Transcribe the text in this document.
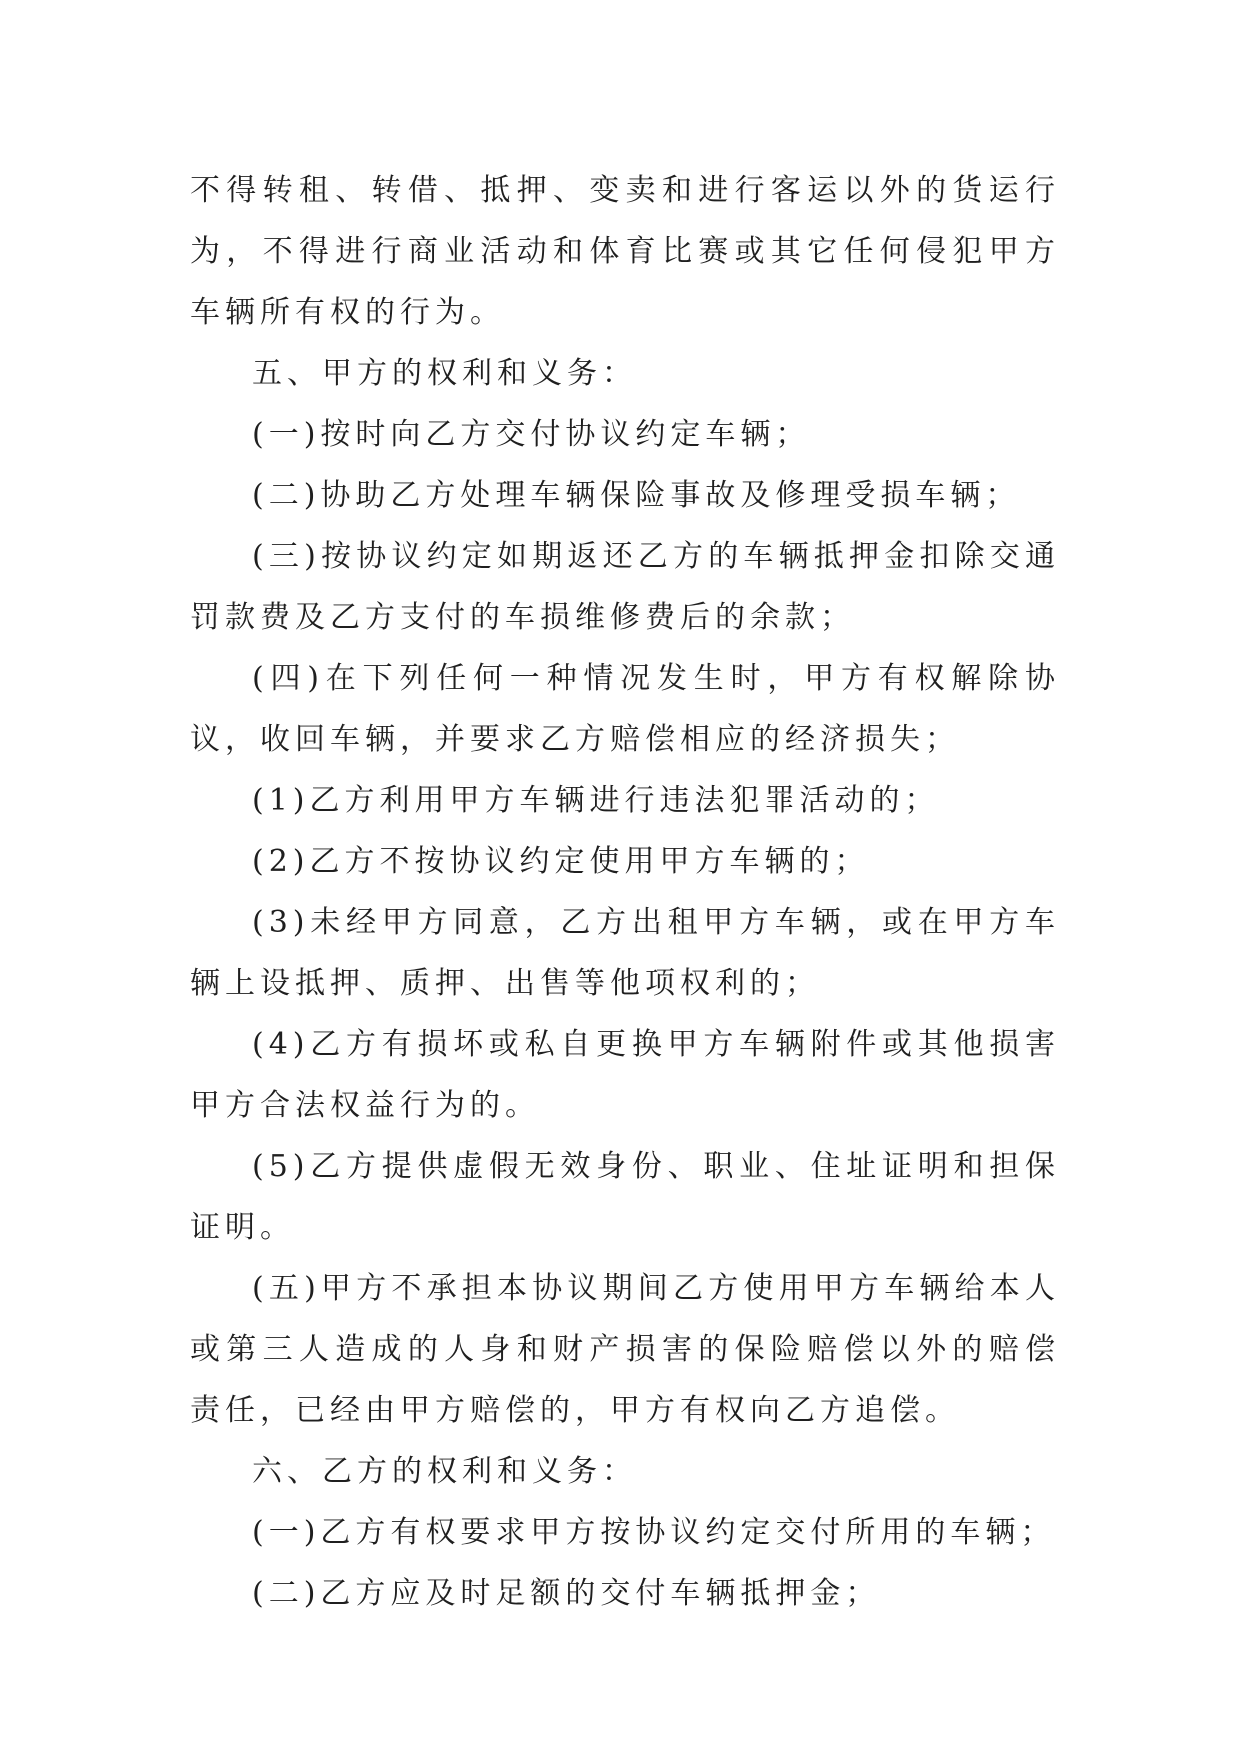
不得转租、转借、抵押、变卖和进行客运以外的货运行为，不得进行商业活动和体育比赛或其它任何侵犯甲方车辆所有权的行为。

五、甲方的权利和义务：

(一)按时向乙方交付协议约定车辆；

(二)协助乙方处理车辆保险事故及修理受损车辆；

(三)按协议约定如期返还乙方的车辆抵押金扣除交通罚款费及乙方支付的车损维修费后的余款；

(四)在下列任何一种情况发生时，甲方有权解除协议，收回车辆，并要求乙方赔偿相应的经济损失；

(1)乙方利用甲方车辆进行违法犯罪活动的；

(2)乙方不按协议约定使用甲方车辆的；

(3)未经甲方同意，乙方出租甲方车辆，或在甲方车辆上设抵押、质押、出售等他项权利的；

(4)乙方有损坏或私自更换甲方车辆附件或其他损害甲方合法权益行为的。

(5)乙方提供虚假无效身份、职业、住址证明和担保证明。

(五)甲方不承担本协议期间乙方使用甲方车辆给本人或第三人造成的人身和财产损害的保险赔偿以外的赔偿责任，已经由甲方赔偿的，甲方有权向乙方追偿。

六、乙方的权利和义务：

(一)乙方有权要求甲方按协议约定交付所用的车辆；

(二)乙方应及时足额的交付车辆抵押金；
